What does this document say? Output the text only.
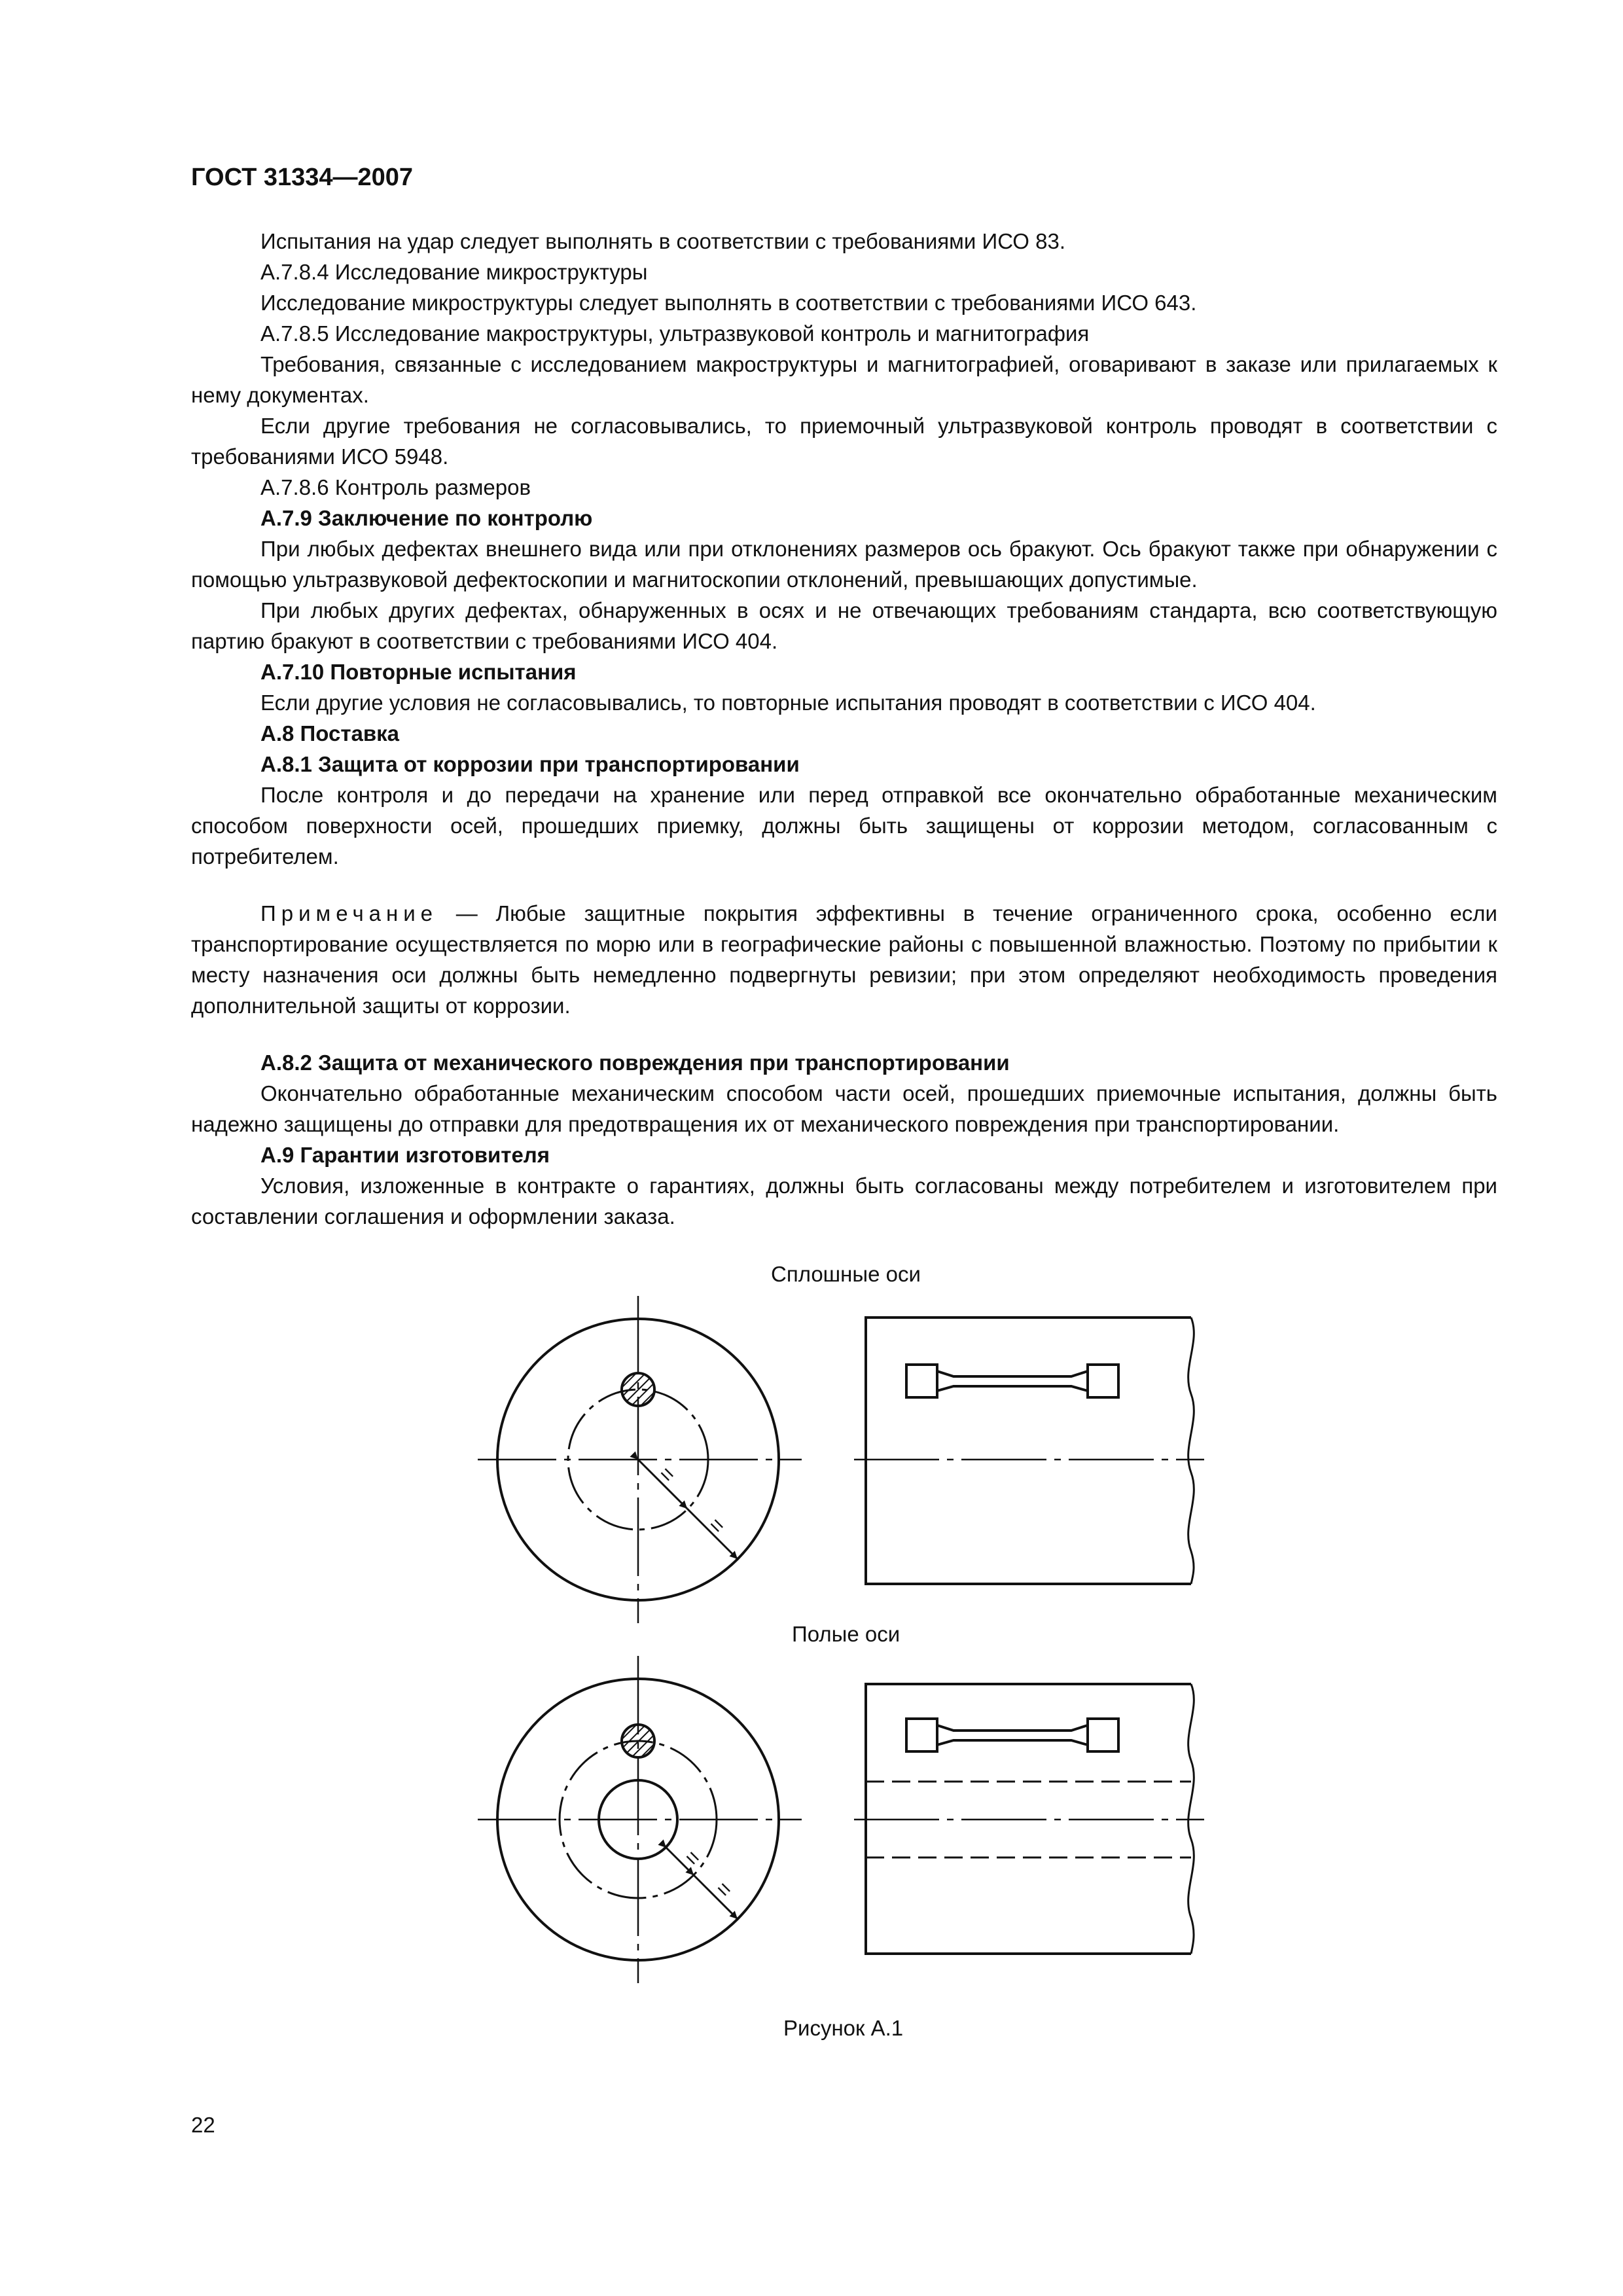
ГОСТ 31334—2007

Испытания на удар следует выполнять в соответствии с требованиями ИСО 83.

А.7.8.4 Исследование микроструктуры

Исследование микроструктуры следует выполнять в соответствии с требованиями ИСО 643.

А.7.8.5 Исследование макроструктуры, ультразвуковой контроль и магнитография

Требования, связанные с исследованием макроструктуры и магнитографией, оговаривают в заказе или прилагаемых к нему документах.

Если другие требования не согласовывались, то приемочный ультразвуковой контроль проводят в соответствии с требованиями ИСО 5948.

А.7.8.6 Контроль размеров

А.7.9 Заключение по контролю

При любых дефектах внешнего вида или при отклонениях размеров ось бракуют. Ось бракуют также при обнаружении с помощью ультразвуковой дефектоскопии и магнитоскопии отклонений, превышающих допустимые.

При любых других дефектах, обнаруженных в осях и не отвечающих требованиям стандарта, всю соответствующую партию бракуют в соответствии с требованиями ИСО 404.

А.7.10 Повторные испытания

Если другие условия не согласовывались, то повторные испытания проводят в соответствии с ИСО 404.

А.8 Поставка

А.8.1 Защита от коррозии при транспортировании

После контроля и до передачи на хранение или перед отправкой все окончательно обработанные механическим способом поверхности осей, прошедших приемку, должны быть защищены от коррозии методом, согласованным с потребителем.

Примечание — Любые защитные покрытия эффективны в течение ограниченного срока, особенно если транспортирование осуществляется по морю или в географические районы с повышенной влажностью. Поэтому по прибытии к месту назначения оси должны быть немедленно подвергнуты ревизии; при этом определяют необходимость проведения дополнительной защиты от коррозии.

А.8.2 Защита от механического повреждения при транспортировании

Окончательно обработанные механическим способом части осей, прошедших приемочные испытания, должны быть надежно защищены до отправки для предотвращения их от механического повреждения при транспортировании.

А.9 Гарантии изготовителя

Условия, изложенные в контракте о гарантиях, должны быть согласованы между потребителем и изготовителем при составлении соглашения и оформлении заказа.

Сплошные оси
Полые оси
Рисунок А.1
22
=
=
=
=
